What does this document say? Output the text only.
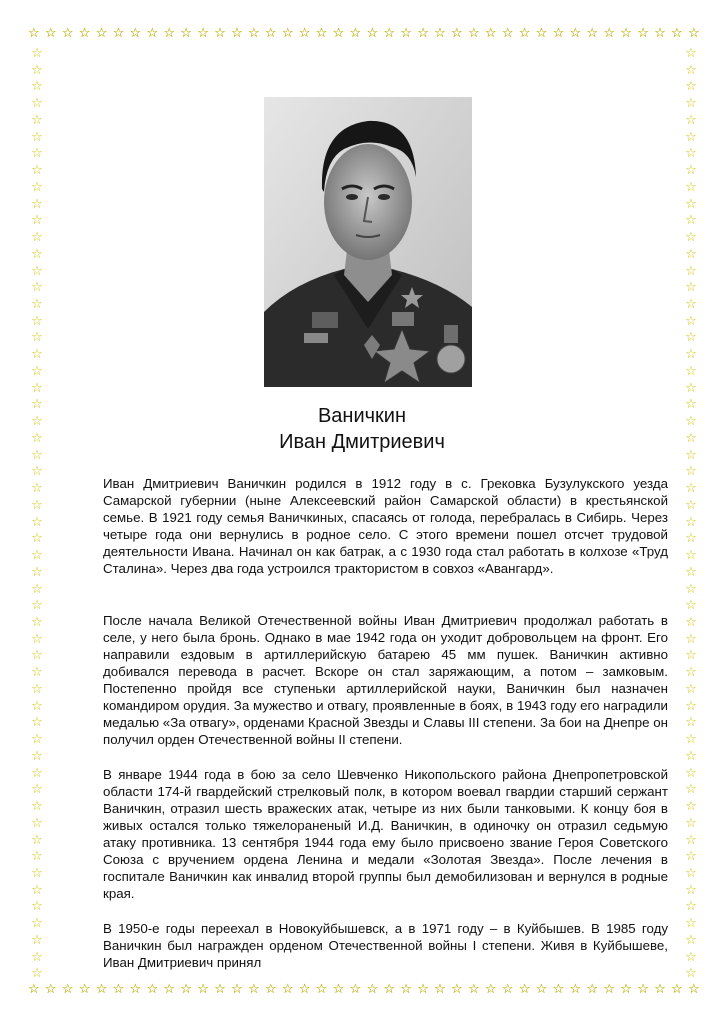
☆ ☆ ☆ ☆ ☆ ☆ ☆ ☆ ☆ ☆ ☆ ☆ ☆ ☆ ☆ ☆ ☆ ☆ ☆ ☆ ☆ ☆ ☆ ☆ ☆ ☆ ☆ ☆ ☆ ☆ ☆ ☆ ☆ ☆ ☆ ☆ ☆ ☆ ☆ ☆
☆ ☆ ☆ ☆ ☆ ☆ ☆ ☆ ☆ ☆ ☆ ☆ ☆ ☆ ☆ ☆ ☆ ☆ ☆ ☆ ☆ ☆ ☆ ☆ ☆ ☆ ☆ ☆ ☆ ☆ ☆ ☆ ☆ ☆ ☆ ☆ ☆ ☆ ☆ ☆
☆
☆
☆
☆
☆
☆
☆
☆
☆
☆
☆
☆
☆
☆
☆
☆
☆
☆
☆
☆
☆
☆
☆
☆
☆
☆
☆
☆
☆
☆
☆
☆
☆
☆
☆
☆
☆
☆
☆
☆
☆
☆
☆
☆
☆
☆
☆
☆
☆
☆
☆
☆
☆
☆
☆
☆
☆
☆
☆
☆
☆
☆
☆
☆
☆
☆
☆
☆
☆
☆
☆
☆
☆
☆
☆
☆
☆
☆
☆
☆
☆
☆
☆
☆
☆
☆
☆
☆
☆
☆
☆
☆
☆
☆
☆
☆
☆
☆
☆
☆
☆
☆
☆
☆
☆
☆
☆
☆
☆
☆
☆
☆
Ваничкин
Иван Дмитриевич

Иван Дмитриевич Ваничкин родился в 1912 году в с. Грековка Бузулукского уезда Самарской губернии (ныне Алексеевский район Самарской области) в крестьянской семье. В 1921 году семья Ваничкиных, спасаясь от голода, перебралась в Сибирь. Через четыре года они вернулись в родное село. С этого времени пошел отсчет трудовой деятельности Ивана. Начинал он как батрак, а с 1930 года стал работать в колхозе «Труд Сталина». Через два года устроился трактористом в совхоз «Авангард».

После начала Великой Отечественной войны Иван Дмитриевич продолжал работать в селе, у него была бронь. Однако в мае 1942 года он уходит добровольцем на фронт. Его направили ездовым в артиллерийскую батарею 45 мм пушек. Ваничкин активно добивался перевода в расчет. Вскоре он стал заряжающим, а потом – замковым. Постепенно пройдя все ступеньки артиллерийской науки, Ваничкин был назначен командиром орудия. За мужество и отвагу, проявленные в боях, в 1943 году его наградили медалью «За отвагу», орденами Красной Звезды и Славы III степени. За бои на Днепре он получил орден Отечественной войны II степени.

В январе 1944 года в бою за село Шевченко Никопольского района Днепропетровской области 174-й гвардейский стрелковый полк, в котором воевал гвардии старший сержант Ваничкин, отразил шесть вражеских атак, четыре из них были танковыми. К концу боя в живых остался только тяжелораненый И.Д. Ваничкин, в одиночку он отразил седьмую атаку противника. 13 сентября 1944 года ему было присвоено звание Героя Советского Союза с вручением ордена Ленина и медали «Золотая Звезда». После лечения в госпитале Ваничкин как инвалид второй группы был демобилизован и вернулся в родные края.

В 1950-е годы переехал в Новокуйбышевск, а в 1971 году – в Куйбышев. В 1985 году Ваничкин был награжден орденом Отечественной войны I степени. Живя в Куйбышеве, Иван Дмитриевич принял
